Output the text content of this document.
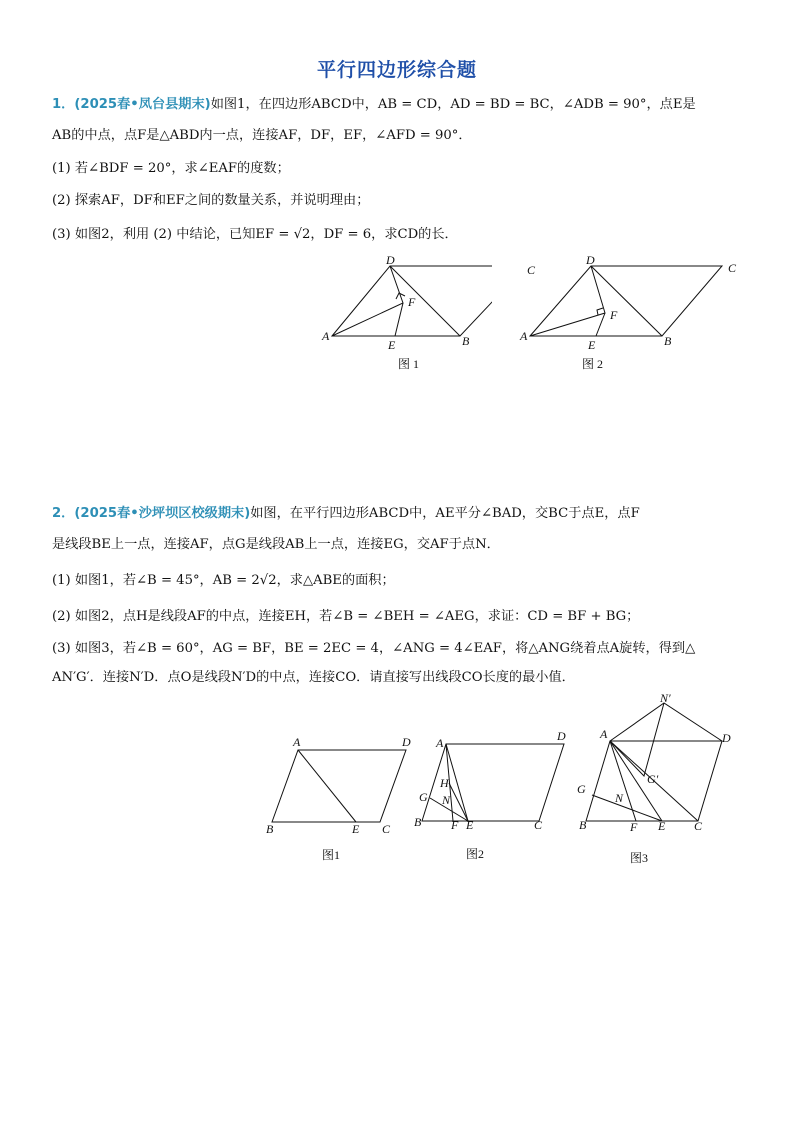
平行四边形综合题
1．(2025春•凤台县期末)如图1，在四边形ABCD中，AB = CD，AD = BD = BC，∠ADB = 90°，点E是
AB的中点，点F是△ABD内一点，连接AF，DF，EF，∠AFD = 90°．
(1) 若∠BDF = 20°，求∠EAF的度数；
(2) 探索AF，DF和EF之间的数量关系，并说明理由；
(3) 如图2，利用 (2) 中结论，已知EF = √2，DF = 6，求CD的长．
D
A
E	B
F
图 1
C
D
C
A
E	B
F
图 2
2．(2025春•沙坪坝区校级期末)如图，在平行四边形ABCD中，AE平分∠BAD，交BC于点E，点F
是线段BE上一点，连接AF，点G是线段AB上一点，连接EG，交AF于点N．
(1) 如图1，若∠B = 45°，AB = 2√2，求△ABE的面积；
(2) 如图2，点H是线段AF的中点，连接EH，若∠B = ∠BEH = ∠AEG，求证：CD = BF + BG；
(3) 如图3，若∠B = 60°，AG = BF，BE = 2EC = 4，∠ANG = 4∠EAF，将△ANG绕着点A旋转，得到△
AN′G′．连接N′D．点O是线段N′D的中点，连接CO．请直接写出线段CO长度的最小值．
A	D
B	E C
图1
A	D
H
G N
B F E	C
图2
N′
A	D
G′
G
N
B	F E C
图3
